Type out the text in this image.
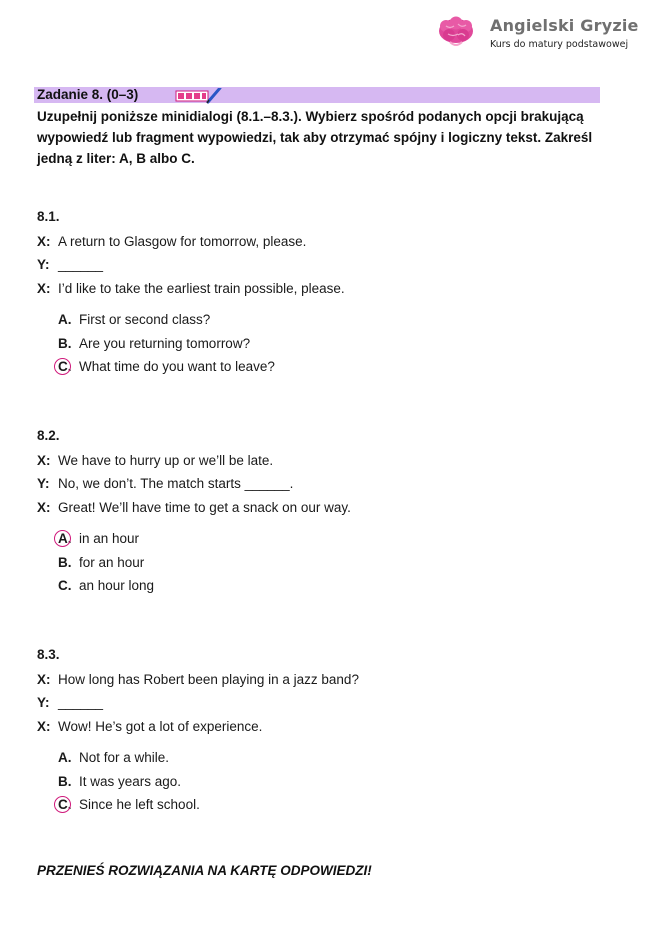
Angielski Gryzie
Kurs do matury podstawowej
Zadanie 8. (0–3)
Uzupełnij poniższe minidialogi (8.1.–8.3.). Wybierz spośród podanych opcji brakującą wypowiedź lub fragment wypowiedzi, tak aby otrzymać spójny i logiczny tekst. Zakreśl jedną z liter: A, B albo C.
8.1.
X: A return to Glasgow for tomorrow, please.
Y: ______
X: I’d like to take the earliest train possible, please.
A. First or second class?
B. Are you returning tomorrow?
C. What time do you want to leave?
8.2.
X: We have to hurry up or we’ll be late.
Y: No, we don’t. The match starts ______.
X: Great! We’ll have time to get a snack on our way.
A. in an hour
B. for an hour
C. an hour long
8.3.
X: How long has Robert been playing in a jazz band?
Y: ______
X: Wow! He’s got a lot of experience.
A. Not for a while.
B. It was years ago.
C. Since he left school.
PRZENIEŚ ROZWIĄZANIA NA KARTĘ ODPOWIEDZI!
